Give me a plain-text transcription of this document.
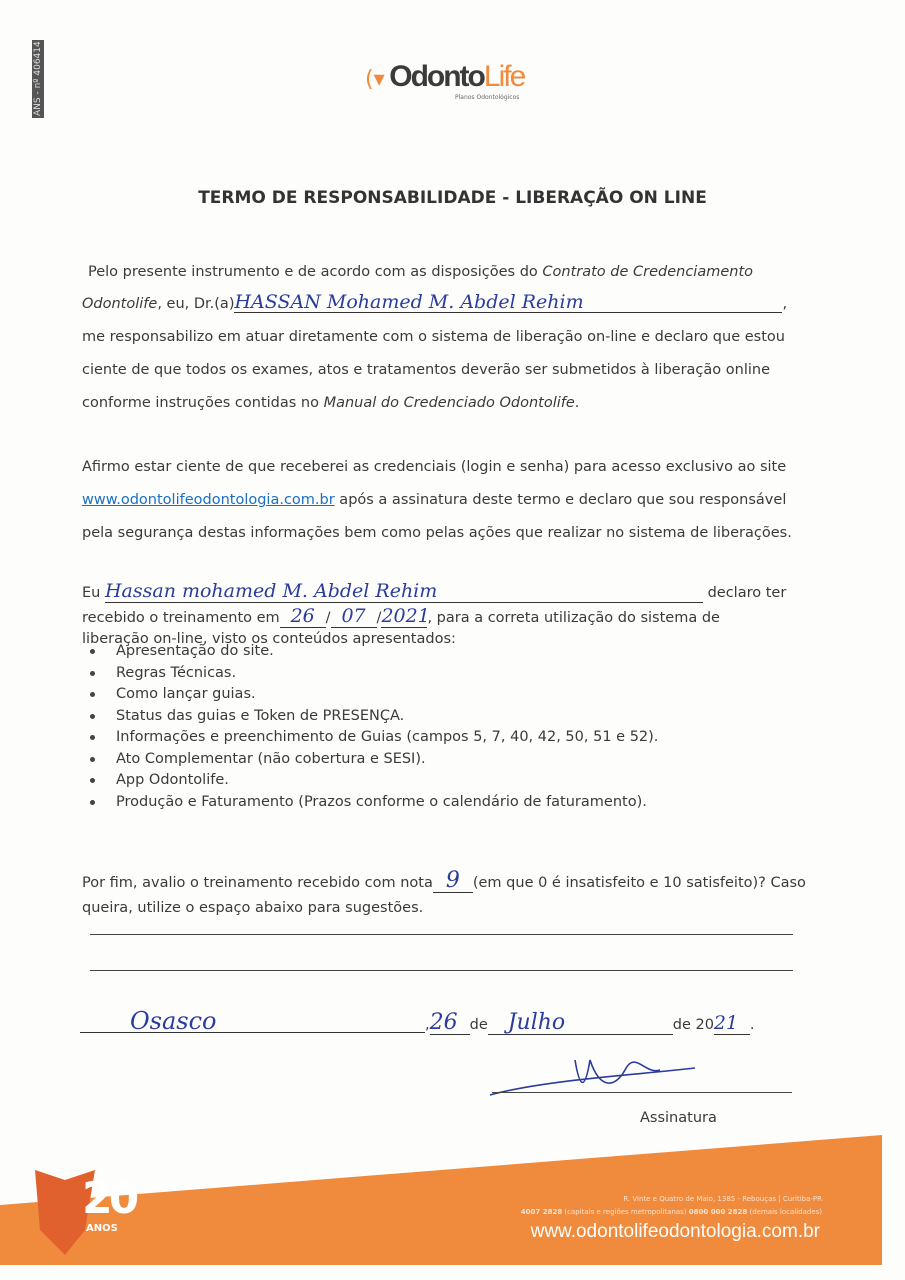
ANS - nº 406414	(▾ OdontoLife
Planos Odontológicos
TERMO DE RESPONSABILIDADE - LIBERAÇÃO ON LINE
Pelo presente instrumento e de acordo com as disposições do Contrato de Credenciamento
Odontolife, eu, Dr.(a)HASSAN Mohamed M. Abdel Rehim	,
me responsabilizo em atuar diretamente com o sistema de liberação on-line e declaro que estou
ciente de que todos os exames, atos e tratamentos deverão ser submetidos à liberação online
conforme instruções contidas no Manual do Credenciado Odontolife.
Afirmo estar ciente de que receberei as credenciais (login e senha) para acesso exclusivo ao site
www.odontolifeodontologia.com.br após a assinatura deste termo e declaro que sou responsável
pela segurança destas informações bem como pelas ações que realizar no sistema de liberações.
Eu Hassan mohamed M. Abdel Rehim	declaro ter
recebido o treinamento em 26 / 07 /2021, para a correta utilização do sistema de
liberação on-line, visto os conteúdos apresentados:
Apresentação do site.
Regras Técnicas.
Como lançar guias.
Status das guias e Token de PRESENÇA.
Informações e preenchimento de Guias (campos 5, 7, 40, 42, 50, 51 e 52).
Ato Complementar (não cobertura e SESI).
App Odontolife.
Produção e Faturamento (Prazos conforme o calendário de faturamento).
Por fim, avalio o treinamento recebido com nota 9 (em que 0 é insatisfeito e 10 satisfeito)? Caso
queira, utilize o espaço abaixo para sugestões.
Osasco	,26 de Julho	de 2021 .
Assinatura
20
ANOS
R. Vinte e Quatro de Maio, 1385 - Rebouças | Curitiba-PR
4007 2828 (capitais e regiões metropolitanas) 0800 000 2828 (demais localidades)
www.odontolifeodontologia.com.br
